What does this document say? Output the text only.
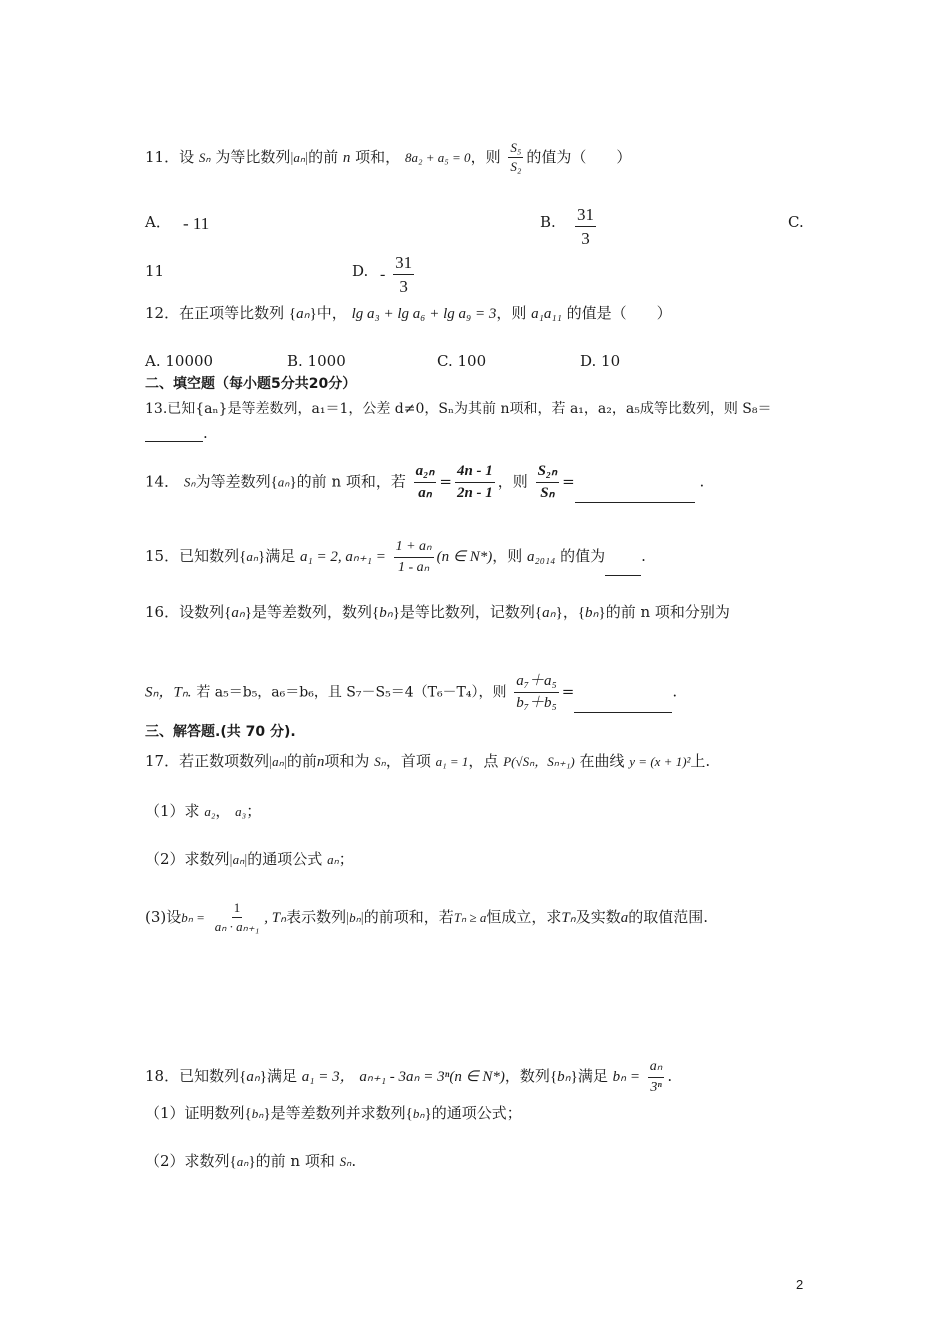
11．设 Sₙ 为等比数列|aₙ|的前 n 项和， 8a₂ + a₅ = 0，则 $\frac{\text{S₅}}{\text{S₂}}$ 的值为（　　）
A． - 11	B. $\frac{31}{3}$	C.
11	D. - $\frac{31}{3}$
12．在正项等比数列 {aₙ}中， lg a₃ + lg a₆ + lg a₉ = 3，则 a₁a₁₁ 的值是（　　）
A. 10000	B. 1000	C. 100	D. 10
二、填空题（每小题5分共20分）
13.已知{aₙ}是等差数列，a₁＝1，公差 d≠0，Sₙ为其前 n项和，若 a₁，a₂，a₅成等比数列，则 S₈＝
.
14． Sₙ为等差数列{aₙ}的前 n 项和，若 $\frac{\text{a₂ₙ}}{\text{aₙ}} = \frac{4n - 1}{2n - 1}$ ，则 $\frac{\text{S₂ₙ}}{\text{Sₙ}}$ =	.
15．已知数列{aₙ}满足 a₁ = 2, $a_{n+1} = \frac{\text{1 + aₙ}}{\text{1 - aₙ}} (n$ ∈ N*)，则 a₂₀₁₄ 的值为 .
16．设数列{aₙ}是等差数列，数列{bₙ}是等比数列，记数列{aₙ}，{bₙ}的前 n 项和分别为
Sₙ，Tₙ. 若 a₅＝b₅，a₆＝b₆，且 S₇－S₅＝4（T₆－T₄），则 $\frac{\text{a₇＋a₅}}{\text{b₇＋b₅}}$ =	.
三、解答题.(共 70 分).
17．若正数项数列|aₙ|的前n项和为 Sₙ，首项 a₁ = 1，点 P(√Sₙ，Sₙ₊₁) 在曲线 y = (x + 1)²上.
（1）求 a₂， a₃；
（2）求数列|aₙ|的通项公式 aₙ；
(3)设$b_n = \frac{1}{\text{aₙ · aₙ₊₁}}$ , Tₙ表示数列|bₙ|的前项和，若Tₙ ≥ a恒成立，求Tₙ及实数a的取值范围.
18．已知数列{aₙ}满足 a₁ = 3， aₙ₊₁ - 3aₙ = 3ⁿ(n ∈ N*)，数列{bₙ}满足 $b_n = \frac{\text{aₙ}}{\text{3ⁿ}}$ .
（1）证明数列{bₙ}是等差数列并求数列{bₙ}的通项公式；
（2）求数列{aₙ}的前 n 项和 Sₙ.
2
